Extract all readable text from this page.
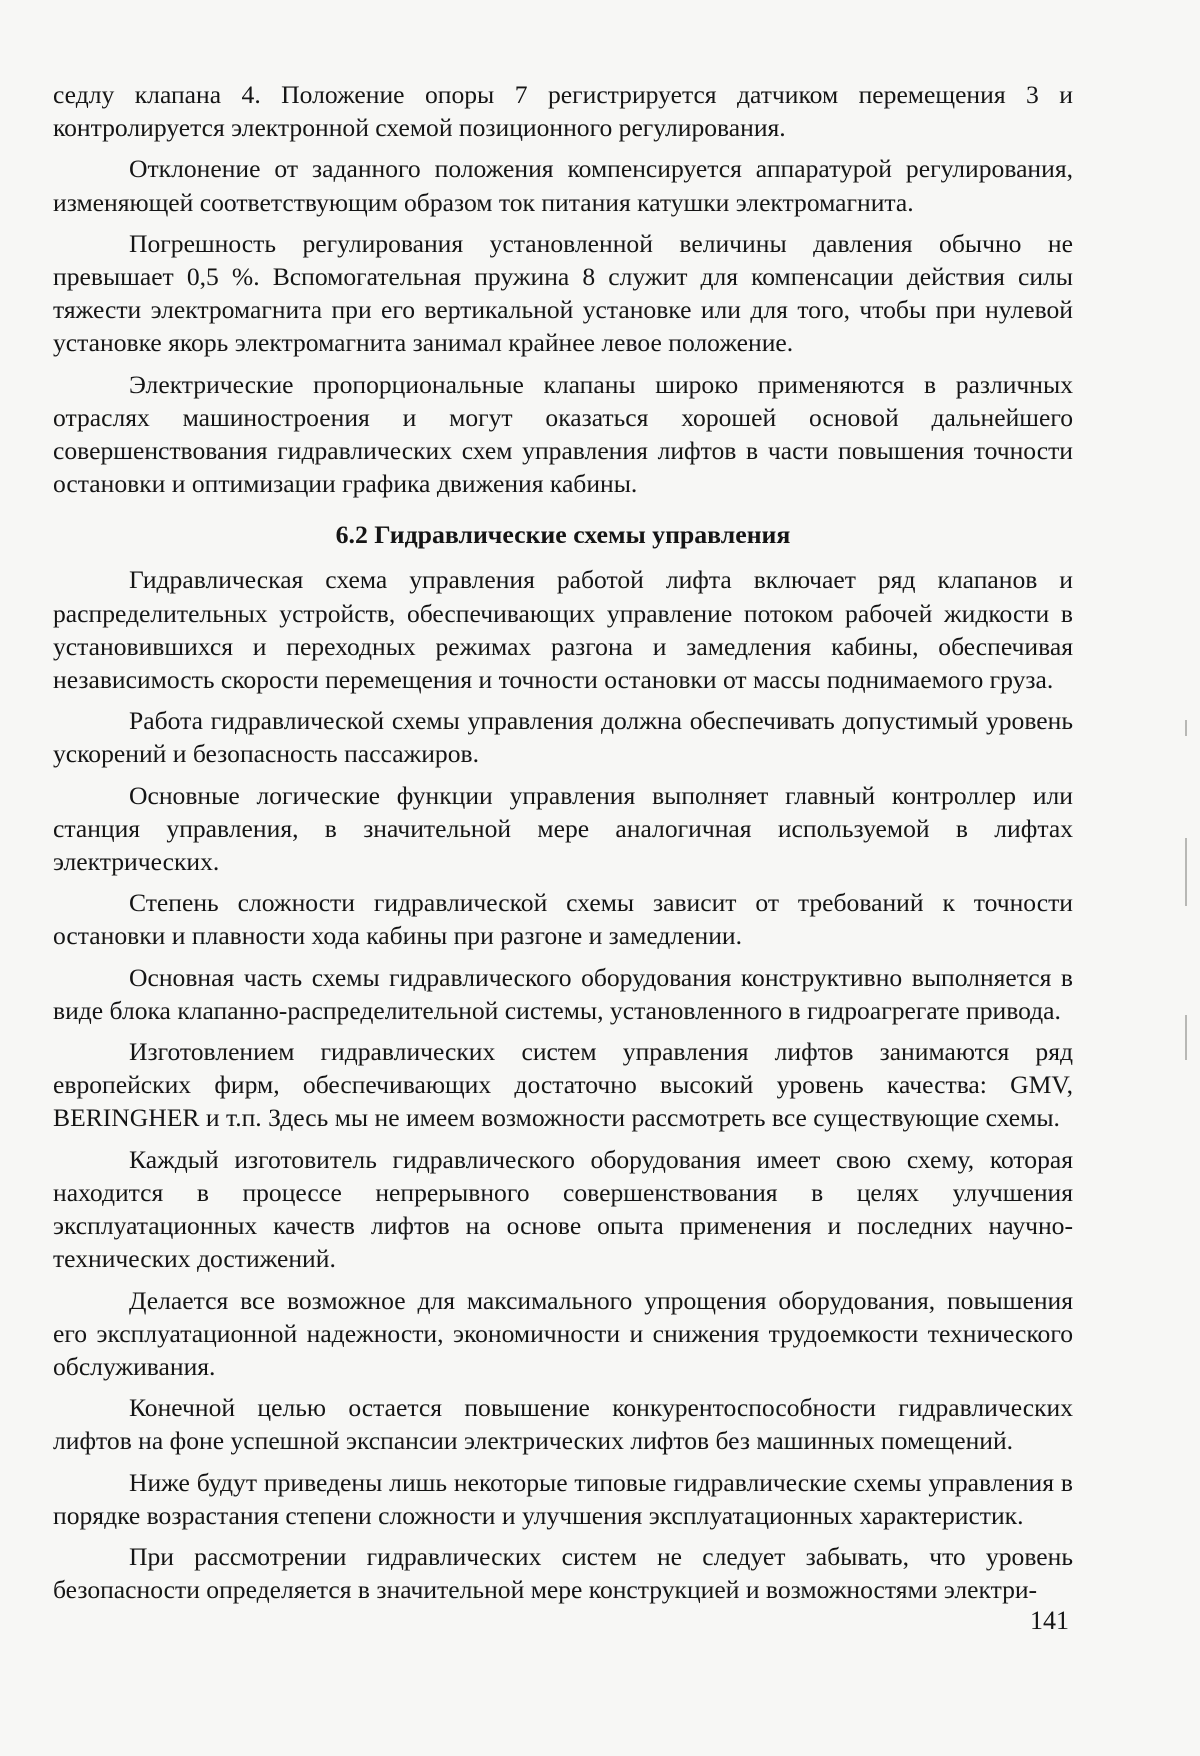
седлу клапана 4. Положение опоры 7 регистрируется датчиком перемещения 3 и контролируется электронной схемой позиционного регулирования.

Отклонение от заданного положения компенсируется аппаратурой регулирования, изменяющей соответствующим образом ток питания катушки электромагнита.

Погрешность регулирования установленной величины давления обычно не превышает 0,5 %. Вспомогательная пружина 8 служит для компенсации действия силы тяжести электромагнита при его вертикальной установке или для того, чтобы при нулевой установке якорь электромагнита занимал крайнее левое положение.

Электрические пропорциональные клапаны широко применяются в различных отраслях машиностроения и могут оказаться хорошей основой дальнейшего совершенствования гидравлических схем управления лифтов в части повышения точности остановки и оптимизации графика движения кабины.

6.2 Гидравлические схемы управления

Гидравлическая схема управления работой лифта включает ряд клапанов и распределительных устройств, обеспечивающих управление потоком рабочей жидкости в установившихся и переходных режимах разгона и замедления кабины, обеспечивая независимость скорости перемещения и точности остановки от массы поднимаемого груза.

Работа гидравлической схемы управления должна обеспечивать допустимый уровень ускорений и безопасность пассажиров.

Основные логические функции управления выполняет главный контроллер или станция управления, в значительной мере аналогичная используемой в лифтах электрических.

Степень сложности гидравлической схемы зависит от требований к точности остановки и плавности хода кабины при разгоне и замедлении.

Основная часть схемы гидравлического оборудования конструктивно выполняется в виде блока клапанно-распределительной системы, установленного в гидроагрегате привода.

Изготовлением гидравлических систем управления лифтов занимаются ряд европейских фирм, обеспечивающих достаточно высокий уровень качества: GMV, BERINGHER и т.п. Здесь мы не имеем возможности рассмотреть все существующие схемы.

Каждый изготовитель гидравлического оборудования имеет свою схему, которая находится в процессе непрерывного совершенствования в целях улучшения эксплуатационных качеств лифтов на основе опыта применения и последних научно-технических достижений.

Делается все возможное для максимального упрощения оборудования, повышения его эксплуатационной надежности, экономичности и снижения трудоемкости технического обслуживания.

Конечной целью остается повышение конкурентоспособности гидравлических лифтов на фоне успешной экспансии электрических лифтов без машинных помещений.

Ниже будут приведены лишь некоторые типовые гидравлические схемы управления в порядке возрастания степени сложности и улучшения эксплуатационных характеристик.

При рассмотрении гидравлических систем не следует забывать, что уровень безопасности определяется в значительной мере конструкцией и возможностями электри-

141
